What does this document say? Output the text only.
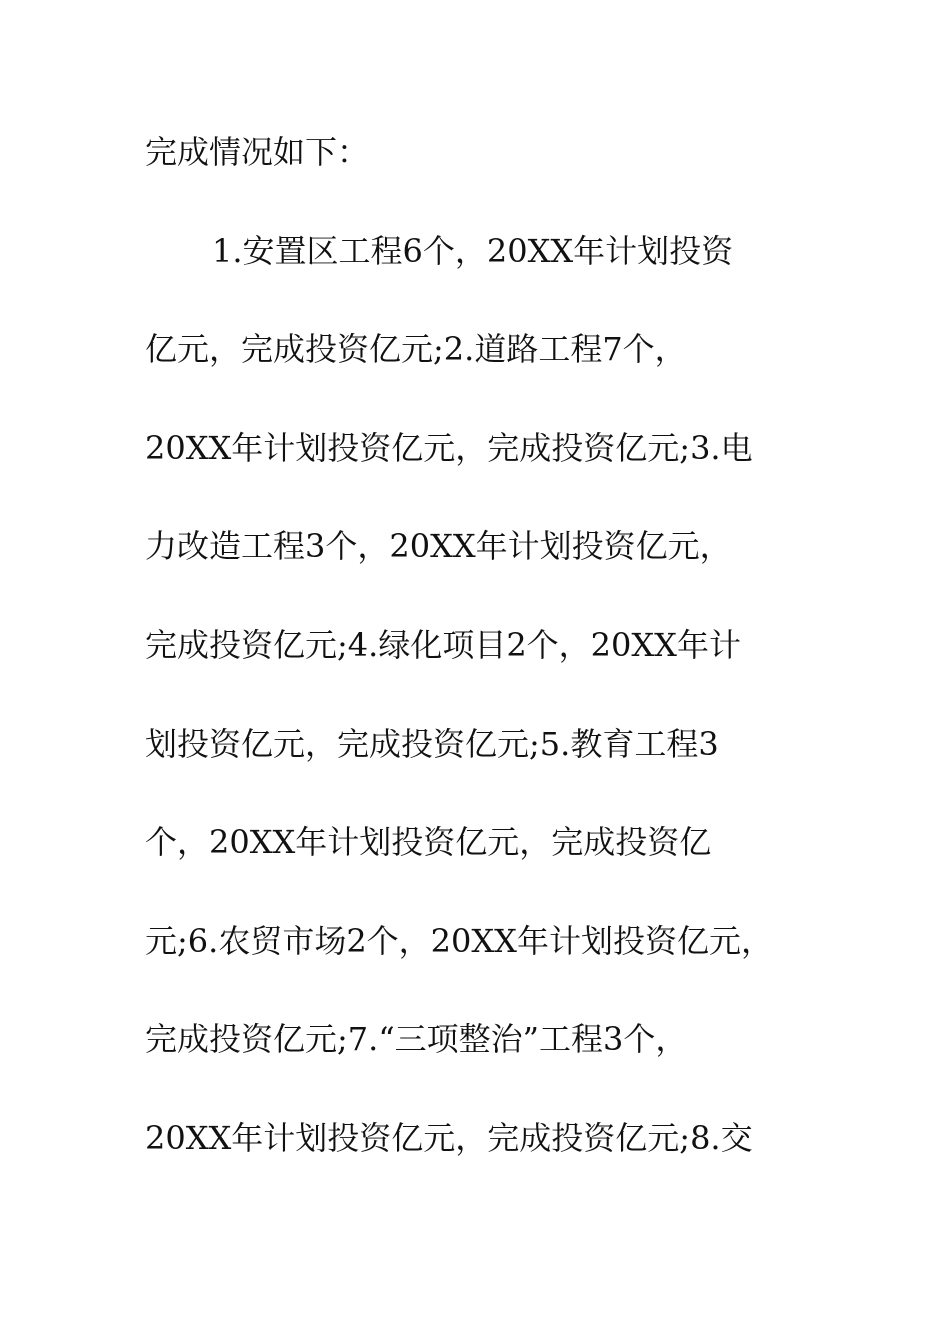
完成情况如下：
1.安置区工程6个，20XX年计划投资
亿元，完成投资亿元;2.道路工程7个，
20XX年计划投资亿元，完成投资亿元;3.电
力改造工程3个，20XX年计划投资亿元，
完成投资亿元;4.绿化项目2个，20XX年计
划投资亿元，完成投资亿元;5.教育工程3
个，20XX年计划投资亿元，完成投资亿
元;6.农贸市场2个，20XX年计划投资亿元，
完成投资亿元;7.“三项整治”工程3个，
20XX年计划投资亿元，完成投资亿元;8.交
